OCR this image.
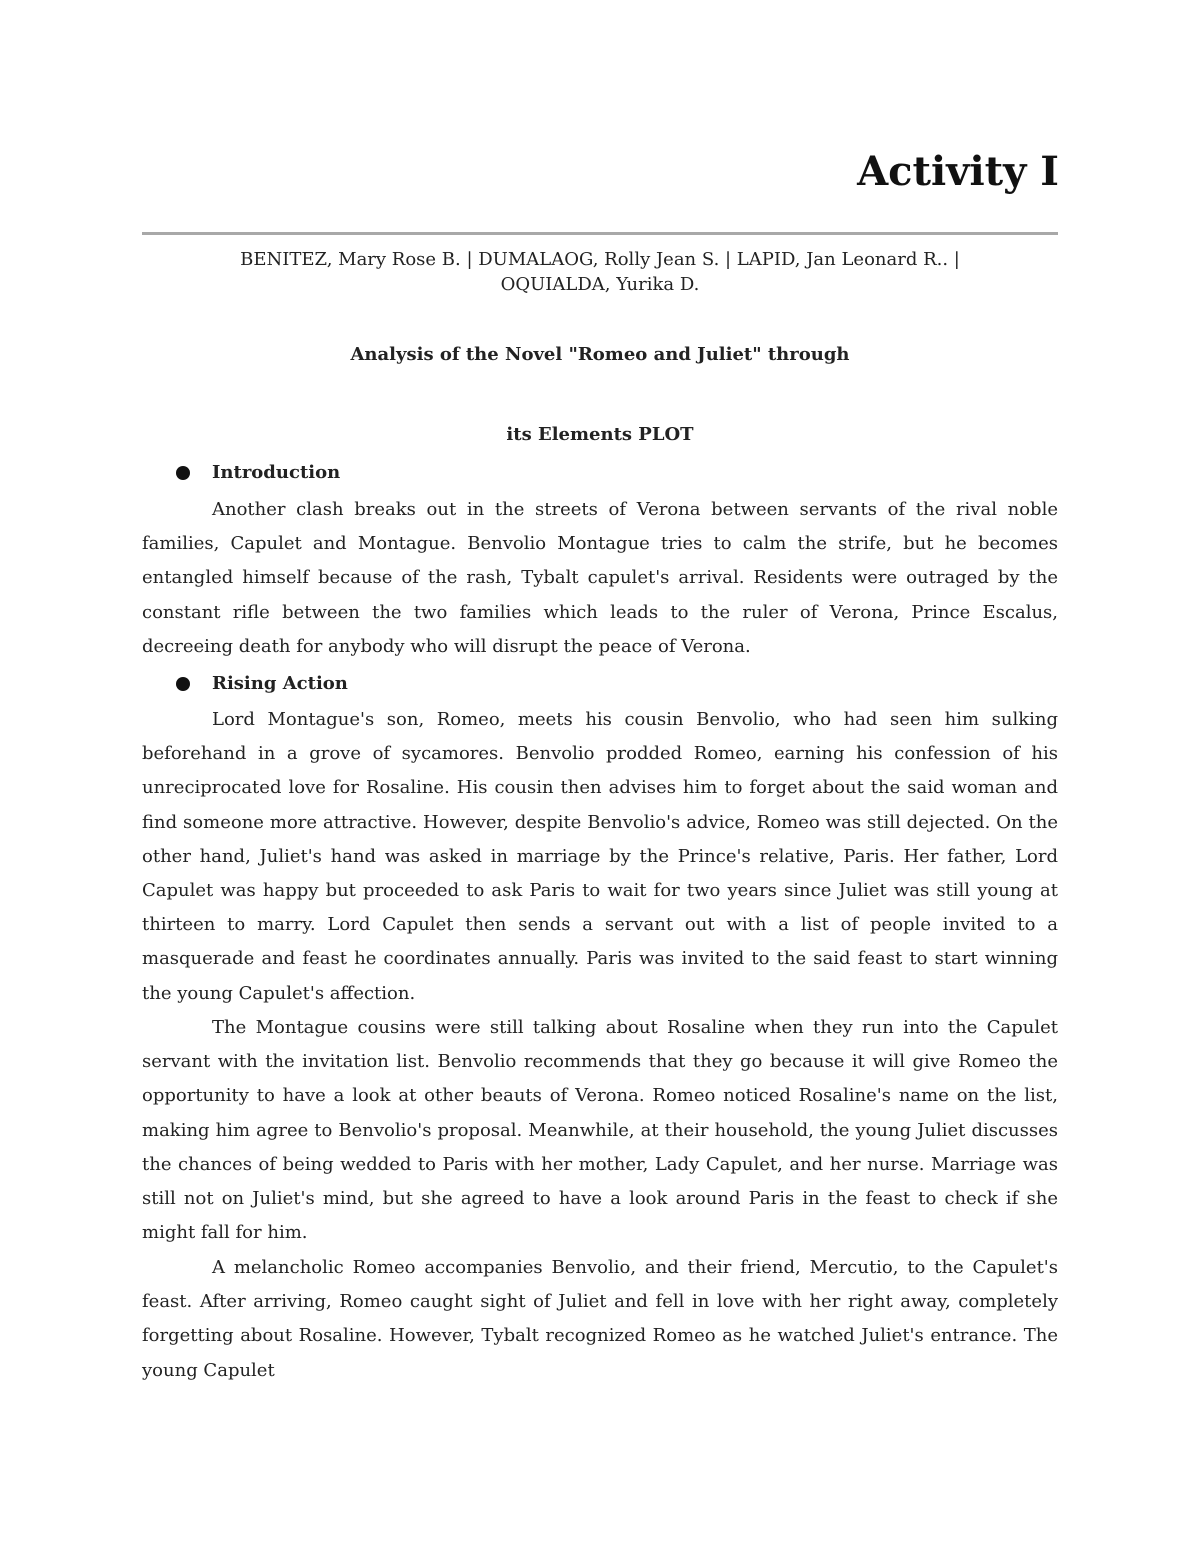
Activity I
BENITEZ, Mary Rose B. | DUMALAOG, Rolly Jean S. | LAPID, Jan Leonard R.. |
OQUIALDA, Yurika D.
Analysis of the Novel "Romeo and Juliet" through
its Elements PLOT
Introduction

Another clash breaks out in the streets of Verona between servants of the rival noble families, Capulet and Montague. Benvolio Montague tries to calm the strife, but he becomes entangled himself because of the rash, Tybalt capulet's arrival. Residents were outraged by the constant rifle between the two families which leads to the ruler of Verona, Prince Escalus, decreeing death for anybody who will disrupt the peace of Verona.

Rising Action

Lord Montague's son, Romeo, meets his cousin Benvolio, who had seen him sulking beforehand in a grove of sycamores. Benvolio prodded Romeo, earning his confession of his unreciprocated love for Rosaline. His cousin then advises him to forget about the said woman and find someone more attractive. However, despite Benvolio's advice, Romeo was still dejected. On the other hand, Juliet's hand was asked in marriage by the Prince's relative, Paris. Her father, Lord Capulet was happy but proceeded to ask Paris to wait for two years since Juliet was still young at thirteen to marry. Lord Capulet then sends a servant out with a list of people invited to a masquerade and feast he coordinates annually. Paris was invited to the said feast to start winning the young Capulet's affection.

The Montague cousins were still talking about Rosaline when they run into the Capulet servant with the invitation list. Benvolio recommends that they go because it will give Romeo the opportunity to have a look at other beauts of Verona. Romeo noticed Rosaline's name on the list, making him agree to Benvolio's proposal. Meanwhile, at their household, the young Juliet discusses the chances of being wedded to Paris with her mother, Lady Capulet, and her nurse. Marriage was still not on Juliet's mind, but she agreed to have a look around Paris in the feast to check if she might fall for him.

A melancholic Romeo accompanies Benvolio, and their friend, Mercutio, to the Capulet's feast. After arriving, Romeo caught sight of Juliet and fell in love with her right away, completely forgetting about Rosaline. However, Tybalt recognized Romeo as he watched Juliet's entrance. The young Capulet
